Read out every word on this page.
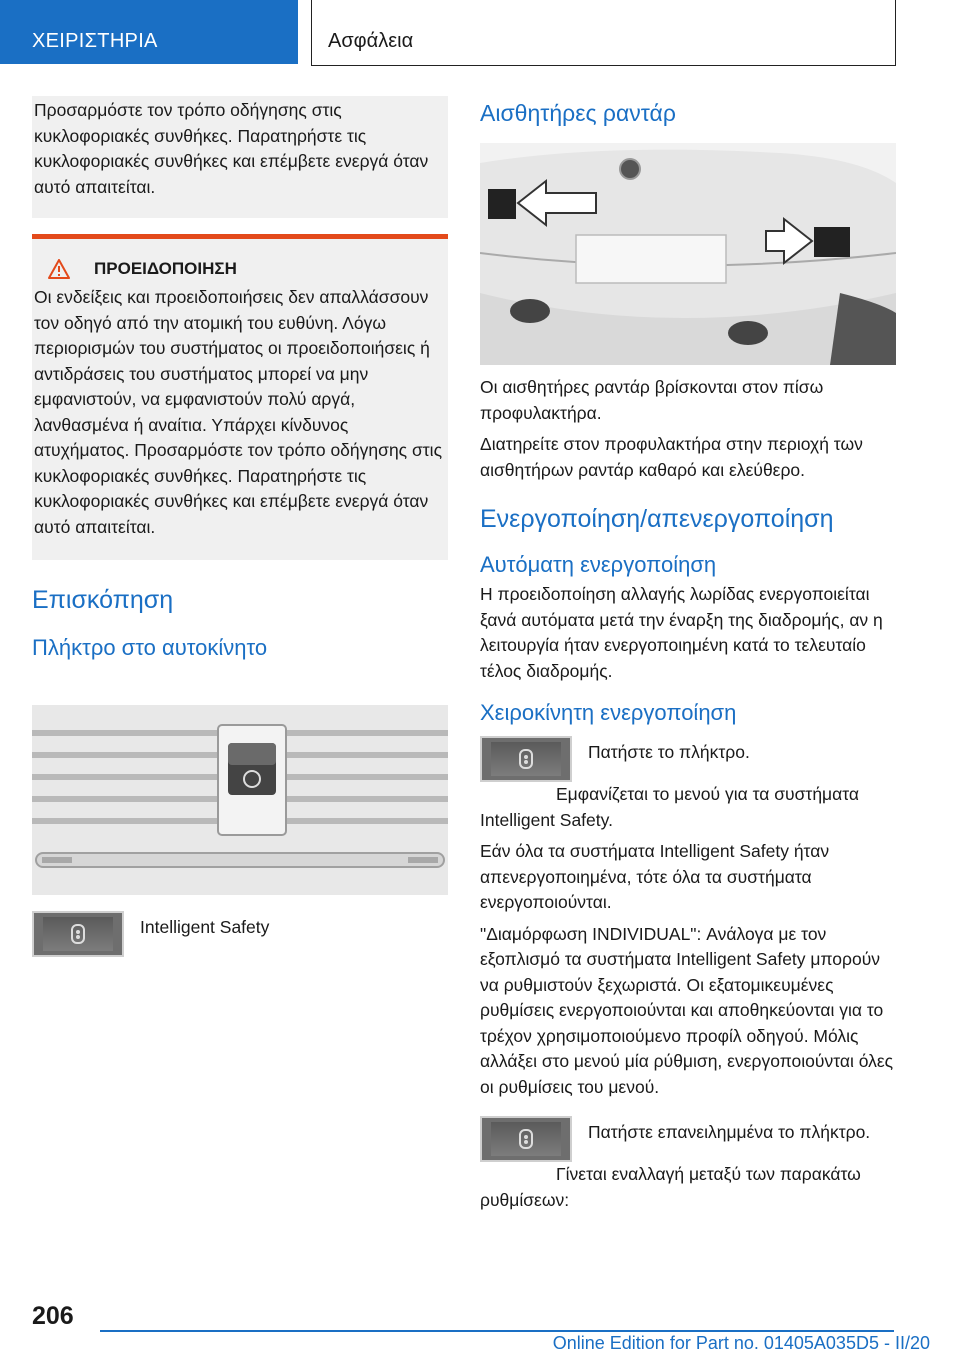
ΧΕΙΡΙΣΤΗΡΙΑ	Ασφάλεια

Προσαρμόστε τον τρόπο οδήγησης στις κυκλοφοριακές συνθήκες. Παρατηρήστε τις κυκλοφοριακές συνθήκες και επέμβετε ενεργά όταν αυτό απαιτείται.

ΠΡΟΕΙΔΟΠΟΙΗΣΗ

Οι ενδείξεις και προειδοποιήσεις δεν απαλλάσσουν τον οδηγό από την ατομική του ευθύνη. Λόγω περιορισμών του συστήματος οι προειδοποιήσεις ή αντιδράσεις του συστήματος μπορεί να μην εμφανιστούν, να εμφανιστούν πολύ αργά, λανθασμένα ή αναίτια. Υπάρχει κίνδυνος ατυχήματος. Προσαρμόστε τον τρόπο οδήγησης στις κυκλοφοριακές συνθήκες. Παρατηρήστε τις κυκλοφοριακές συνθήκες και επέμβετε ενεργά όταν αυτό απαιτείται.

Επισκόπηση
Πλήκτρο στο αυτοκίνητο

Intelligent Safety

Αισθητήρες ραντάρ

Οι αισθητήρες ραντάρ βρίσκονται στον πίσω προφυλακτήρα.

Διατηρείτε στον προφυλακτήρα στην περιοχή των αισθητήρων ραντάρ καθαρό και ελεύθερο.

Ενεργοποίηση/απενεργοποίηση
Αυτόματη ενεργοποίηση

Η προειδοποίηση αλλαγής λωρίδας ενεργοποιείται ξανά αυτόματα μετά την έναρξη της διαδρομής, αν η λειτουργία ήταν ενεργοποιημένη κατά το τελευταίο τέλος διαδρομής.

Χειροκίνητη ενεργοποίηση

Πατήστε το πλήκτρο.

Εμφανίζεται το μενού για τα συστήματα Intelligent Safety.

Εάν όλα τα συστήματα Intelligent Safety ήταν απενεργοποιημένα, τότε όλα τα συστήματα ενεργοποιούνται.

"Διαμόρφωση INDIVIDUAL": Ανάλογα με τον εξοπλισμό τα συστήματα Intelligent Safety μπορούν να ρυθμιστούν ξεχωριστά. Οι εξατομικευμένες ρυθμίσεις ενεργοποιούνται και αποθηκεύονται για το τρέχον χρησιμοποιούμενο προφίλ οδηγού. Μόλις αλλάξει στο μενού μία ρύθμιση, ενεργοποιούνται όλες οι ρυθμίσεις του μενού.

Πατήστε επανειλημμένα το πλήκτρο.

Γίνεται εναλλαγή μεταξύ των παρακάτω ρυθμίσεων:

206
Online Edition for Part no. 01405A035D5 - II/20
